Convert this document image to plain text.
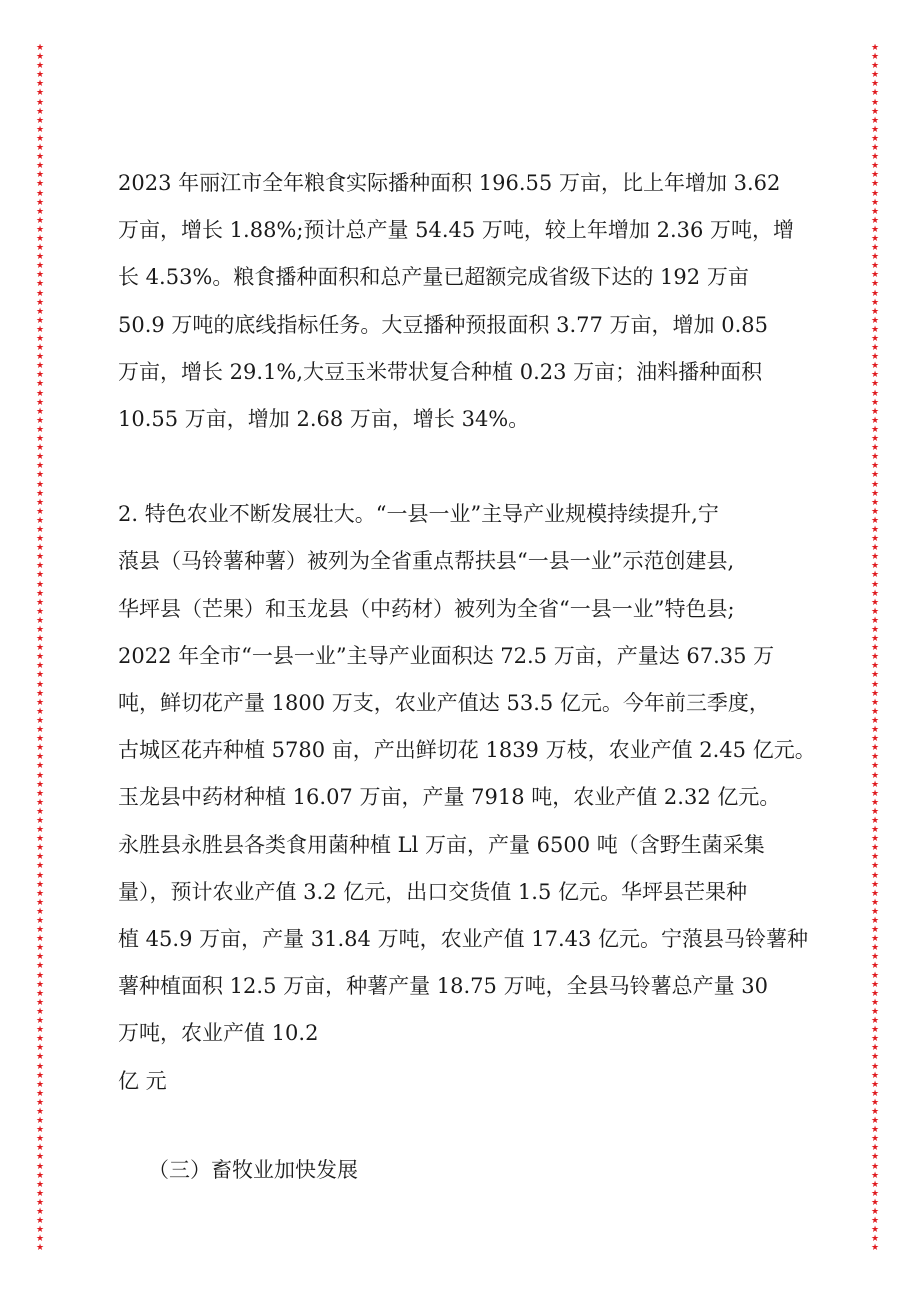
★
★
★
★
★
★
★
★
★
★
★
★
★
★
★
★
★
★
★
★
★
★
★
★
★
★
★
★
★
★
★
★
★
★
★
★
★
★
★
★
★
★
★
★
★
★
★
★
★
★
★
★
★
★
★
★
★
★
★
★
★
★
★
★
★
★
★
★
★
★
★
★
★
★
★
★
★
★
★
★
★
★
★
★
★
★
★
★
★
★
★
★
★
★
★
★
★
★
★
★
★
★
★
★
★
★
★
★
★
★
★
★
★
★
★
★
★
★
★
★
★
★
★
★
★
★
★
★
★
★
★
★
★
★
★
★
★
★
★
★
★
★
★
★
★
★
★
★
★
★
★
★
★
★
★
★
★
★
★
★
★
★
★
★
★
★
★
★
★
★
★
★
★
★
★
★
★
★
★
★
★
★
★
★
★
★
★
★
★
★
★
★
★
★
★
★
★
★
★
★
★
★
★
★
★
★
★
★
★
★
★
★
★
★
★
★
★
★
★
★
★
★
★
★
★
★
★
★
★
★
★
★
★
★
★
★
★
★
★
★
★
★
★
★
★
★
★
★
★
★
★
★
★
★
★
★
★
★
★
★
★
★
★
★
★
★

2023 年丽江市全年粮食实际播种面积 196.55 万亩，比上年增加 3.62
万亩，增长 1.88%;预计总产量 54.45 万吨，较上年增加 2.36 万吨，增
长 4.53%。粮食播种面积和总产量已超额完成省级下达的 192 万亩
50.9 万吨的底线指标任务。大豆播种预报面积 3.77 万亩，增加 0.85
万亩，增长 29.1%,大豆玉米带状复合种植 0.23 万亩；油料播种面积
10.55 万亩，增加 2.68 万亩，增长 34%。

2. 特色农业不断发展壮大。“一县一业”主导产业规模持续提升,宁
蒗县（马铃薯种薯）被列为全省重点帮扶县“一县一业”示范创建县,
华坪县（芒果）和玉龙县（中药材）被列为全省“一县一业”特色县;
2022 年全市“一县一业”主导产业面积达 72.5 万亩，产量达 67.35 万
吨，鲜切花产量 1800 万支，农业产值达 53.5 亿元。今年前三季度，
古城区花卉种植 5780 亩，产出鲜切花 1839 万枝，农业产值 2.45 亿元。
玉龙县中药材种植 16.07 万亩，产量 7918 吨，农业产值 2.32 亿元。
永胜县永胜县各类食用菌种植 Ll 万亩，产量 6500 吨（含野生菌采集
量），预计农业产值 3.2 亿元，出口交货值 1.5 亿元。华坪县芒果种
植 45.9 万亩，产量 31.84 万吨，农业产值 17.43 亿元。宁蒗县马铃薯种
薯种植面积 12.5 万亩，种薯产量 18.75 万吨，全县马铃薯总产量 30
万吨，农业产值 10.2

亿 元

（三）畜牧业加快发展
